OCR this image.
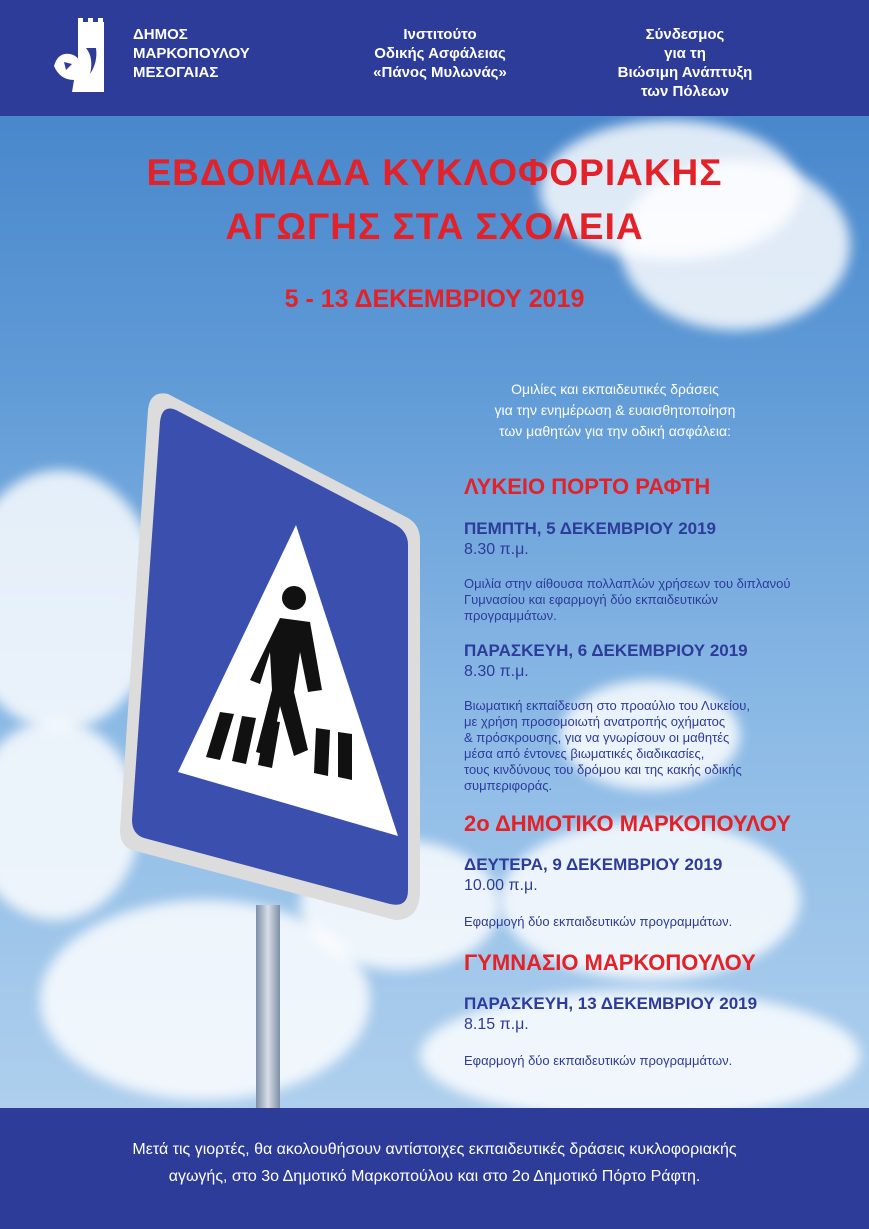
ΔΗΜΟΣ
ΜΑΡΚΟΠΟΥΛΟΥ
ΜΕΣΟΓΑΙΑΣ
Ινστιτούτο
Οδικής Ασφάλειας
«Πάνος Μυλωνάς»
Σύνδεσμος
για τη
Βιώσιμη Ανάπτυξη
των Πόλεων
ΕΒΔΟΜΑΔΑ ΚΥΚΛΟΦΟΡΙΑΚΗΣ
ΑΓΩΓΗΣ ΣΤΑ ΣΧΟΛΕΙΑ
5 - 13 ΔΕΚΕΜΒΡΙΟΥ 2019
Ομιλίες και εκπαιδευτικές δράσεις
για την ενημέρωση & ευαισθητοποίηση
των μαθητών για την οδική ασφάλεια:
ΛΥΚΕΙΟ ΠΟΡΤΟ ΡΑΦΤΗ
ΠΕΜΠΤΗ, 5 ΔΕΚΕΜΒΡΙΟΥ 2019
8.30 π.μ.
Ομιλία στην αίθουσα πολλαπλών χρήσεων του διπλανού
Γυμνασίου και εφαρμογή δύο εκπαιδευτικών
προγραμμάτων.
ΠΑΡΑΣΚΕΥΗ, 6 ΔΕΚΕΜΒΡΙΟΥ 2019
8.30 π.μ.
Βιωματική εκπαίδευση στο προαύλιο του Λυκείου,
με χρήση προσομοιωτή ανατροπής οχήματος
& πρόσκρουσης, για να γνωρίσουν οι μαθητές
μέσα από έντονες βιωματικές διαδικασίες,
τους κινδύνους του δρόμου και της κακής οδικής
συμπεριφοράς.
2ο ΔΗΜΟΤΙΚΟ ΜΑΡΚΟΠΟΥΛΟΥ
ΔΕΥΤΕΡΑ, 9 ΔΕΚΕΜΒΡΙΟΥ 2019
10.00 π.μ.
Εφαρμογή δύο εκπαιδευτικών προγραμμάτων.
ΓΥΜΝΑΣΙΟ ΜΑΡΚΟΠΟΥΛΟΥ
ΠΑΡΑΣΚΕΥΗ, 13 ΔΕΚΕΜΒΡΙΟΥ 2019
8.15 π.μ.
Εφαρμογή δύο εκπαιδευτικών προγραμμάτων.
Μετά τις γιορτές, θα ακολουθήσουν αντίστοιχες εκπαιδευτικές δράσεις κυκλοφοριακής
αγωγής, στο 3ο Δημοτικό Μαρκοπούλου και στο 2ο Δημοτικό Πόρτο Ράφτη.
